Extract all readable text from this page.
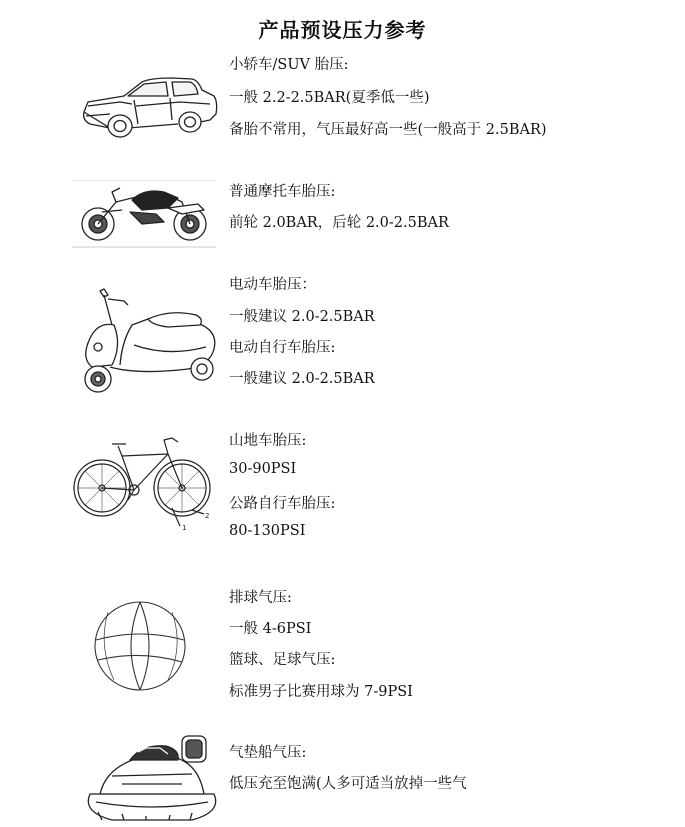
产品预设压力参考
小轿车/SUV 胎压:
一般 2.2-2.5BAR(夏季低一些)
备胎不常用，气压最好高一些(一般高于 2.5BAR)
普通摩托车胎压:
前轮 2.0BAR，后轮 2.0-2.5BAR
电动车胎压：
一般建议 2.0-2.5BAR
电动自行车胎压:
一般建议 2.0-2.5BAR
1
2
山地车胎压:
30-90PSI
公路自行车胎压:
80-130PSI
排球气压:
一般 4-6PSI
篮球、足球气压:
标准男子比赛用球为 7-9PSI
气垫船气压:
低压充至饱满(人多可适当放掉一些气
